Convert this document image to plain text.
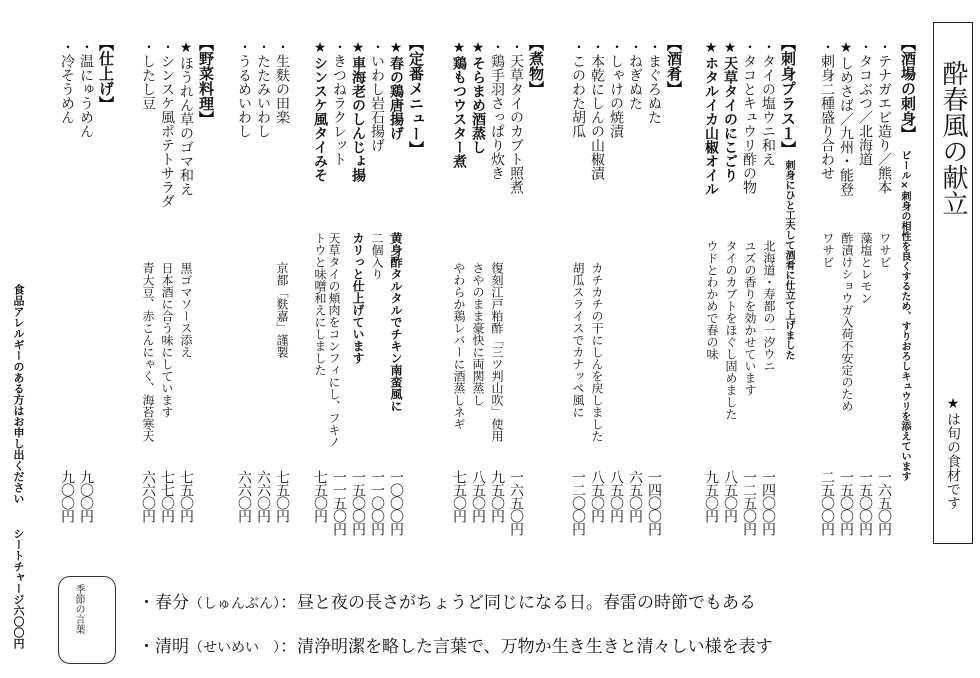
酔春風の献立
★は旬の食材です
【酒場の刺身】
ビール×刺身の相性を良くするため、すりおろしキュウリを添えています
・テナガエビ造り／熊本
・タコぶつ／北海道
★しめさば／九州・能登
・刺身二種盛り合わせ
ワサビ
藻塩とレモン
酢漬けショウガ入荷不安定のため
ワサビ
一六五〇円
一五〇〇円
一五〇〇円
二五〇〇円
【刺身プラス１】
刺身にひと工夫して酒肴に仕立て上げました
・タイの塩ウニ和え
・タコとキュウリ酢の物
★天草タイのにこごり
★ホタルイカ山椒オイル
北海道・寿都の一汐ウニ
ユズの香りを効かせています
タイのカブトをほぐし固めました
ウドとわかめで春の味
一四〇〇円
一二五〇円
八五〇円
九五〇円
【酒肴】
・まぐろぬた
・ねぎぬた
・しゃけの焼漬
・本乾にしんの山椒漬
・このわた胡瓜
カチカチの干にしんを戻しました
胡瓜スライスでカナッペ風に
一四〇〇円
六五〇円
八五〇円
八五〇円
一二〇〇円
【煮物】
・天草タイのカブト照煮
・鶏手羽さっぱり炊き
★そらまめ酒蒸し
★鶏もつウスター煮
復刻江戸粕酢「三ツ判山吹」使用
さやのまま豪快に両関蒸し
やわらか鶏レバーに酒蒸しネギ
一六五〇円
九五〇円
八五〇円
七五〇円
【定番メニュー】
★春の鶏唐揚げ
・いわし岩石揚げ
★車海老のしんじょ揚
・きつねラクレット
★シンスケ風タイみそ
黄身酢タルタルでチキン南蛮風に
二個入り
カリっと仕上げています
天草タイの頬肉をコンフィにし、フキノトウと味噌和えにしました
一〇〇〇円
一一〇〇円
一五〇〇円
一一五〇円
七五〇円
・生麩の田楽
・たたみいわし
・うるめいわし
京都「麩嘉」謹製
七五〇円
六六〇円
六六〇円
【野菜料理】
★ほうれん草のゴマ和え
・シンスケ風ポテトサラダ
・したし豆
黒ゴマソース添え
日本酒に合う味にしています
青大豆、赤こんにゃく、海苔寒天
七五〇円
七七〇円
六六〇円
【仕上げ】
・温にゅうめん
・冷そうめん
九〇〇円
九〇〇円
食品アレルギーのある方はお申し出ください
シートチャージ六〇〇円	季節の言葉	・春分（しゅんぶん）：昼と夜の長さがちょうど同じになる日。春雷の時節でもある
・清明（せいめい　）：清浄明潔を略した言葉で、万物か生き生きと清々しい様を表す
